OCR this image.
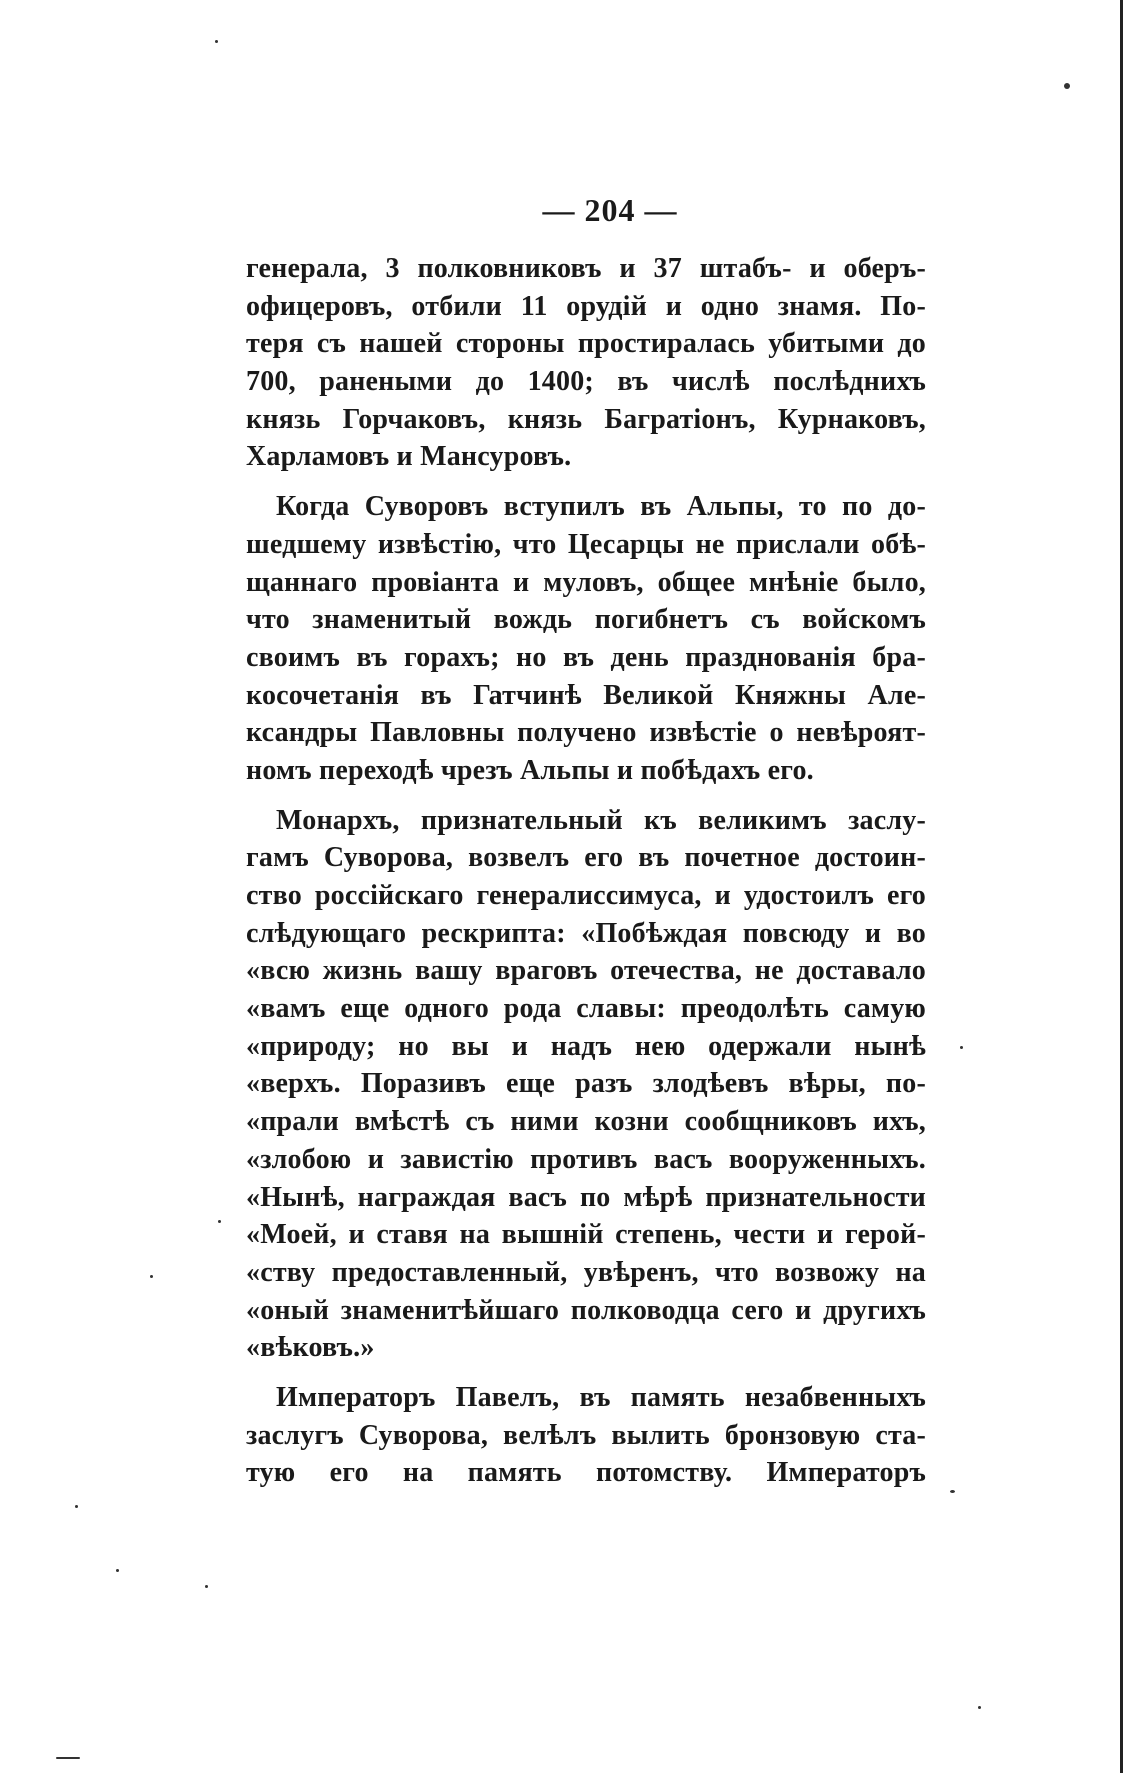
— 204 —
генерала, 3 полковниковъ и 37 штабъ- и оберъ-
офицеровъ, отбили 11 орудій и одно знамя. По-
теря съ нашей стороны простиралась убитыми до
700, ранеными до 1400; въ числѣ послѣднихъ
князь Горчаковъ, князь Багратіонъ, Курнаковъ,
Харламовъ и Мансуровъ.
Когда Суворовъ вступилъ въ Альпы, то по до-
шедшему извѣстію, что Цесарцы не прислали обѣ-
щаннаго провіанта и муловъ, общее мнѣніе было,
что знаменитый вождь погибнетъ съ войскомъ
своимъ въ горахъ; но въ день празднованія бра-
косочетанія въ Гатчинѣ Великой Княжны Але-
ксандры Павловны получено извѣстіе о невѣроят-
номъ переходѣ чрезъ Альпы и побѣдахъ его.
Монархъ, признательный къ великимъ заслу-
гамъ Суворова, возвелъ его въ почетное достоин-
ство россійскаго генералиссимуса, и удостоилъ его
слѣдующаго рескрипта: «Побѣждая повсюду и во
«всю жизнь вашу враговъ отечества, не доставало
«вамъ еще одного рода славы: преодолѣть самую
«природу; но вы и надъ нею одержали нынѣ
«верхъ. Поразивъ еще разъ злодѣевъ вѣры, по-
«прали вмѣстѣ съ ними козни сообщниковъ ихъ,
«злобою и завистію противъ васъ вооруженныхъ.
«Нынѣ, награждая васъ по мѣрѣ признательности
«Моей, и ставя на вышній степень, чести и герой-
«ству предоставленный, увѣренъ, что возвожу на
«оный знаменитѣйшаго полководца сего и другихъ
«вѣковъ.»
Императоръ Павелъ, въ память незабвенныхъ
заслугъ Суворова, велѣлъ вылить бронзовую ста-
тую его на память потомству. Императоръ
